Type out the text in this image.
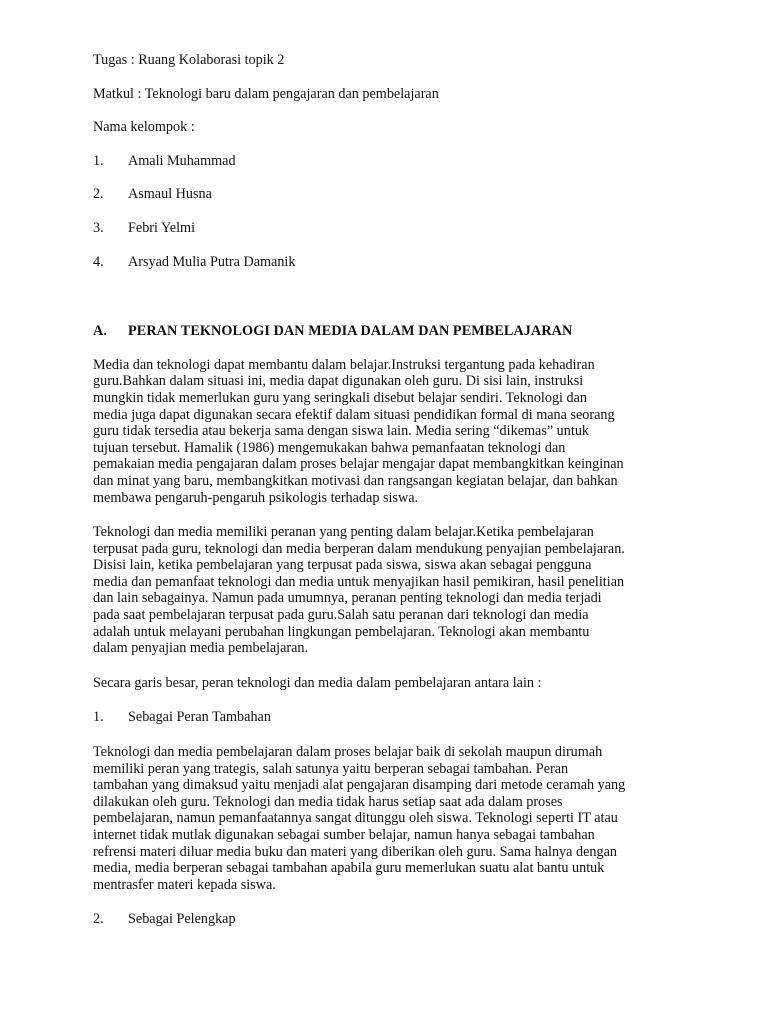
Tugas : Ruang Kolaborasi topik 2

Matkul : Teknologi baru dalam pengajaran dan pembelajaran

Nama kelompok :

1.	Amali Muhammad

2.	Asmaul Husna

3.	Febri Yelmi

4.	Arsyad Mulia Putra Damanik

A.	PERAN TEKNOLOGI DAN MEDIA DALAM DAN PEMBELAJARAN

Media dan teknologi dapat membantu dalam belajar.Instruksi tergantung pada kehadiran
guru.Bahkan dalam situasi ini, media dapat digunakan oleh guru. Di sisi lain, instruksi
mungkin tidak memerlukan guru yang seringkali disebut belajar sendiri. Teknologi dan
media juga dapat digunakan secara efektif dalam situasi pendidikan formal di mana seorang
guru tidak tersedia atau bekerja sama dengan siswa lain. Media sering “dikemas” untuk
tujuan tersebut. Hamalik (1986) mengemukakan bahwa pemanfaatan teknologi dan
pemakaian media pengajaran dalam proses belajar mengajar dapat membangkitkan keinginan
dan minat yang baru, membangkitkan motivasi dan rangsangan kegiatan belajar, dan bahkan
membawa pengaruh-pengaruh psikologis terhadap siswa.
Teknologi dan media memiliki peranan yang penting dalam belajar.Ketika pembelajaran
terpusat pada guru, teknologi dan media berperan dalam mendukung penyajian pembelajaran.
Disisi lain, ketika pembelajaran yang terpusat pada siswa, siswa akan sebagai pengguna
media dan pemanfaat teknologi dan media untuk menyajikan hasil pemikiran, hasil penelitian
dan lain sebagainya. Namun pada umumnya, peranan penting teknologi dan media terjadi
pada saat pembelajaran terpusat pada guru.Salah satu peranan dari teknologi dan media
adalah untuk melayani perubahan lingkungan pembelajaran. Teknologi akan membantu
dalam penyajian media pembelajaran.

Secara garis besar, peran teknologi dan media dalam pembelajaran antara lain :

1.	Sebagai Peran Tambahan

Teknologi dan media pembelajaran dalam proses belajar baik di sekolah maupun dirumah
memiliki peran yang trategis, salah satunya yaitu berperan sebagai tambahan. Peran
tambahan yang dimaksud yaitu menjadi alat pengajaran disamping dari metode ceramah yang
dilakukan oleh guru. Teknologi dan media tidak harus setiap saat ada dalam proses
pembelajaran, namun pemanfaatannya sangat ditunggu oleh siswa. Teknologi seperti IT atau
internet tidak mutlak digunakan sebagai sumber belajar, namun hanya sebagai tambahan
refrensi materi diluar media buku dan materi yang diberikan oleh guru. Sama halnya dengan
media, media berperan sebagai tambahan apabila guru memerlukan suatu alat bantu untuk
mentrasfer materi kepada siswa.

2.	Sebagai Pelengkap
